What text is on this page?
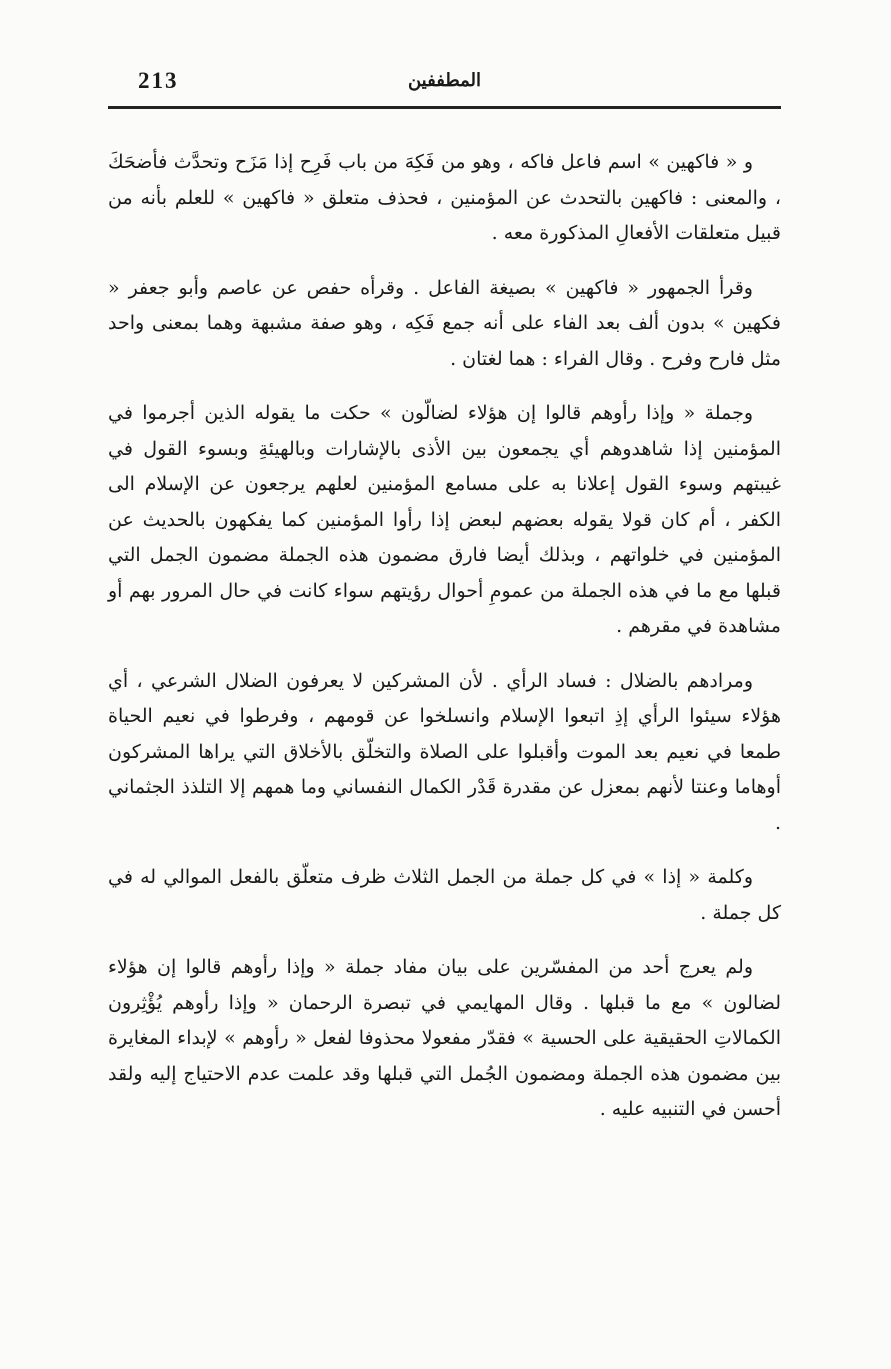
213	المطففين

و « فاكهين » اسم فاعل فاكه ، وهو من فَكِهَ من باب فَرِح إذا مَزَح وتحدَّث فأضحَكَ ، والمعنى : فاكهين بالتحدث عن المؤمنين ، فحذف متعلق « فاكهين » للعلم بأنه من قبيل متعلقات الأفعالِ المذكورة معه .

وقرأ الجمهور « فاكهين » بصيغة الفاعل . وقرأه حفص عن عاصم وأبو جعفر « فكهين » بدون ألف بعد الفاء على أنه جمع فَكِه ، وهو صفة مشبهة وهما بمعنى واحد مثل فارح وفرح . وقال الفراء : هما لغتان .

وجملة « وإذا رأوهم قالوا إن هؤلاء لضالّون » حكت ما يقوله الذين أجرموا في المؤمنين إذا شاهدوهم أي يجمعون بين الأذى بالإشارات وبالهيئةِ وبسوء القول في غيبتهم وسوء القول إعلانا به على مسامع المؤمنين لعلهم يرجعون عن الإسلام الى الكفر ، أم كان قولا يقوله بعضهم لبعض إذا رأوا المؤمنين كما يفكهون بالحديث عن المؤمنين في خلواتهم ، وبذلك أيضا فارق مضمون هذه الجملة مضمون الجمل التي قبلها مع ما في هذه الجملة من عمومِ أحوال رؤيتهم سواء كانت في حال المرور بهم أو مشاهدة في مقرهم .

ومرادهم بالضلال : فساد الرأي . لأن المشركين لا يعرفون الضلال الشرعي ، أي هؤلاء سيئوا الرأي إذِ اتبعوا الإسلام وانسلخوا عن قومهم ، وفرطوا في نعيم الحياة طمعا في نعيم بعد الموت وأقبلوا على الصلاة والتخلّق بالأخلاق التي يراها المشركون أوهاما وعنتا لأنهم بمعزل عن مقدرة قَدْر الكمال النفساني وما همهم إلا التلذذ الجثماني .

وكلمة « إذا » في كل جملة من الجمل الثلاث ظرف متعلّق بالفعل الموالي له في كل جملة .

ولم يعرج أحد من المفسّرين على بيان مفاد جملة « وإذا رأوهم قالوا إن هؤلاء لضالون » مع ما قبلها . وقال المهايمي في تبصرة الرحمان « وإذا رأوهم يُؤْثِرون الكمالاتِ الحقيقية على الحسية » فقدّر مفعولا محذوفا لفعل « رأوهم » لإبداء المغايرة بين مضمون هذه الجملة ومضمون الجُمل التي قبلها وقد علمت عدم الاحتياج إليه ولقد أحسن في التنبيه عليه .
